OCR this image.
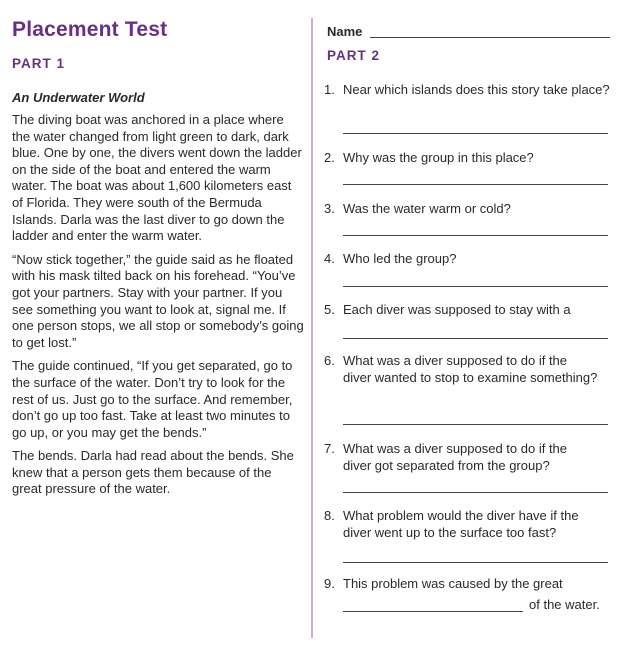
Placement Test
PART 1
An Underwater World

The diving boat was anchored in a place where the water changed from light green to dark, dark blue. One by one, the divers went down the ladder on the side of the boat and entered the warm water. The boat was about 1,600 kilometers east of Florida. They were south of the Bermuda Islands. Darla was the last diver to go down the ladder and enter the warm water.

“Now stick together,” the guide said as he floated with his mask tilted back on his forehead. “You’ve got your partners. Stay with your partner. If you see something you want to look at, signal me. If one person stops, we all stop or somebody’s going to get lost.”

The guide continued, “If you get separated, go to the surface of the water. Don’t try to look for the rest of us. Just go to the surface. And remember, don’t go up too fast. Take at least two minutes to go up, or you may get the bends.”

The bends. Darla had read about the bends. She knew that a person gets them because of the great pressure of the water.

Name
PART 2
1. Near which islands does this story take place?
2. Why was the group in this place?
3. Was the water warm or cold?
4. Who led the group?
5. Each diver was supposed to stay with a
6. What was a diver supposed to do if the diver wanted to stop to examine something?
7. What was a diver supposed to do if the diver got separated from the group?
8. What problem would the diver have if the diver went up to the surface too fast?
9. This problem was caused by the great
of the water.
